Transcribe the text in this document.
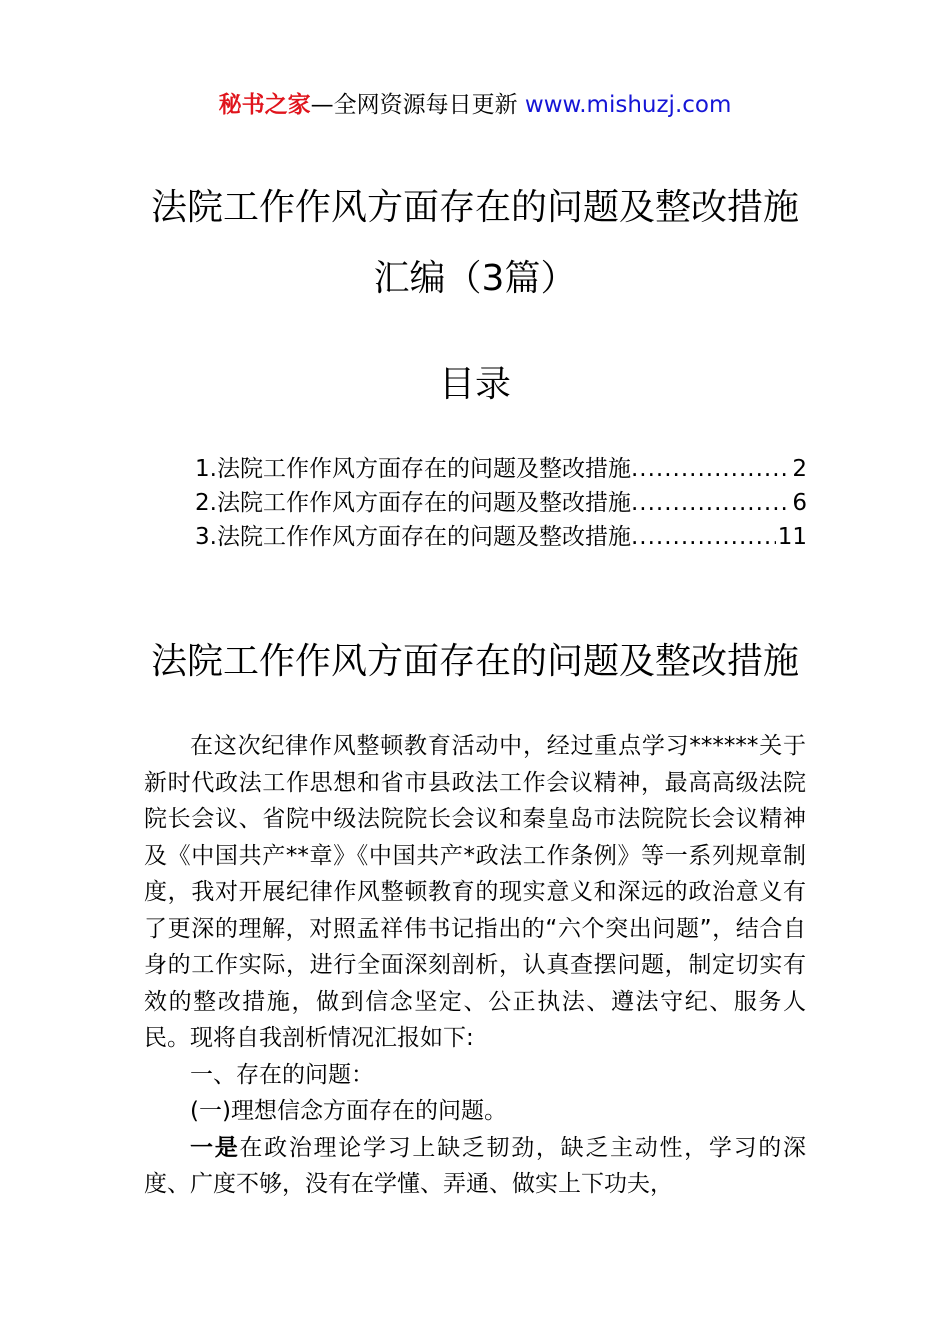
秘书之家—全网资源每日更新 www.mishuzj.com
法院工作作风方面存在的问题及整改措施
汇编（3篇）
目录
1.法院工作作风方面存在的问题及整改措施 .....	2
2.法院工作作风方面存在的问题及整改措施 .....	6
3.法院工作作风方面存在的问题及整改措施 .....	11
法院工作作风方面存在的问题及整改措施

在这次纪律作风整顿教育活动中，经过重点学习******关于新时代政法工作思想和省市县政法工作会议精神，最高高级法院院长会议、省院中级法院院长会议和秦皇岛市法院院长会议精神及《中国共产**章》《中国共产*政法工作条例》等一系列规章制度，我对开展纪律作风整顿教育的现实意义和深远的政治意义有了更深的理解，对照孟祥伟书记指出的“六个突出问题”，结合自身的工作实际，进行全面深刻剖析，认真查摆问题，制定切实有效的整改措施，做到信念坚定、公正执法、遵法守纪、服务人民。现将自我剖析情况汇报如下:

一、存在的问题：

(一)理想信念方面存在的问题。

一是在政治理论学习上缺乏韧劲，缺乏主动性，学习的深度、广度不够，没有在学懂、弄通、做实上下功夫，
